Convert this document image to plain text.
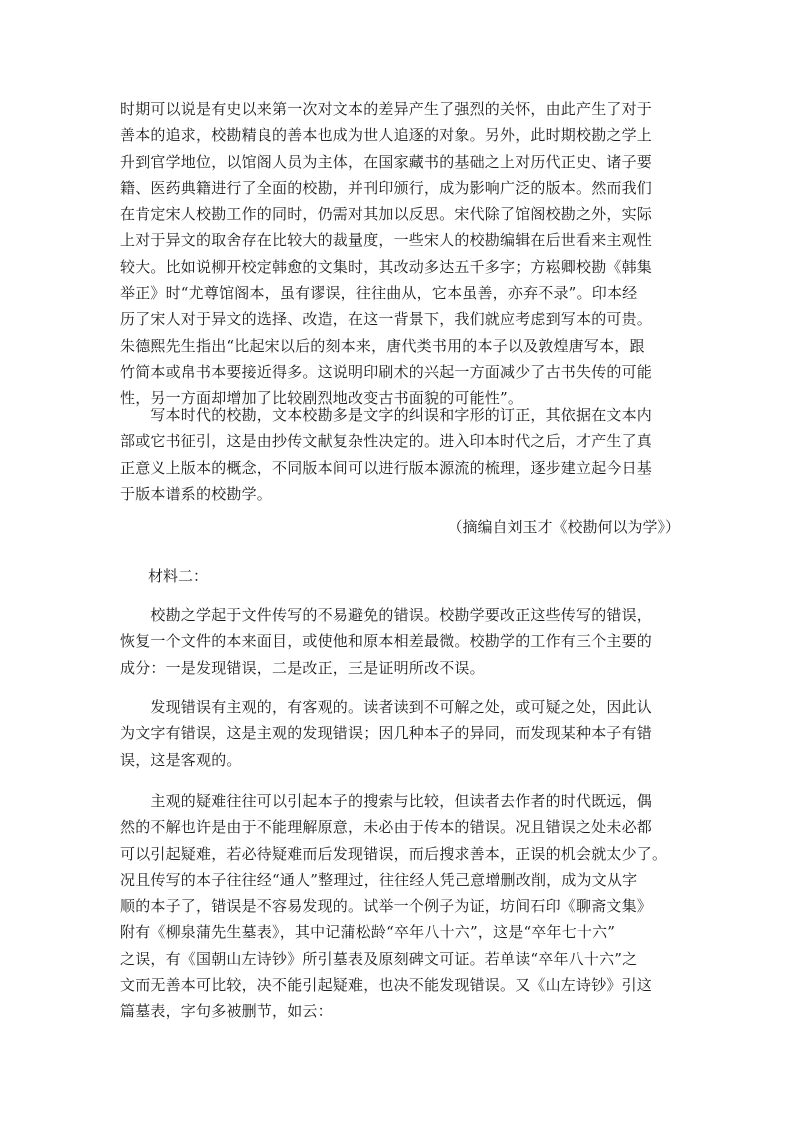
时期可以说是有史以来第一次对文本的差异产生了强烈的关怀，由此产生了对于
善本的追求，校勘精良的善本也成为世人追逐的对象。另外，此时期校勘之学上
升到官学地位，以馆阁人员为主体，在国家藏书的基础之上对历代正史、诸子要
籍、医药典籍进行了全面的校勘，并刊印颁行，成为影响广泛的版本。然而我们
在肯定宋人校勘工作的同时，仍需对其加以反思。宋代除了馆阁校勘之外，实际
上对于异文的取舍存在比较大的裁量度，一些宋人的校勘编辑在后世看来主观性
较大。比如说柳开校定韩愈的文集时，其改动多达五千多字；方崧卿校勘《韩集
举正》时“尤尊馆阁本，虽有谬误，往往曲从，它本虽善，亦弃不录”。印本经
历了宋人对于异文的选择、改造，在这一背景下，我们就应考虑到写本的可贵。
朱德熙先生指出“比起宋以后的刻本来，唐代类书用的本子以及敦煌唐写本，跟
竹简本或帛书本要接近得多。这说明印刷术的兴起一方面减少了古书失传的可能
性，另一方面却增加了比较剧烈地改变古书面貌的可能性”。
　　写本时代的校勘，文本校勘多是文字的纠误和字形的订正，其依据在文本内
部或它书征引，这是由抄传文献复杂性决定的。进入印本时代之后，才产生了真
正意义上版本的概念，不同版本间可以进行版本源流的梳理，逐步建立起今日基
于版本谱系的校勘学。
（摘编自刘玉才《校勘何以为学》）
材料二：
　　校勘之学起于文件传写的不易避免的错误。校勘学要改正这些传写的错误，
恢复一个文件的本来面目，或使他和原本相差最微。校勘学的工作有三个主要的
成分：一是发现错误，二是改正，三是证明所改不误。
　　发现错误有主观的，有客观的。读者读到不可解之处，或可疑之处，因此认
为文字有错误，这是主观的发现错误；因几种本子的异同，而发现某种本子有错
误，这是客观的。
　　主观的疑难往往可以引起本子的搜索与比较，但读者去作者的时代既远，偶
然的不解也许是由于不能理解原意，未必由于传本的错误。况且错误之处未必都
可以引起疑难，若必待疑难而后发现错误，而后搜求善本，正误的机会就太少了。
况且传写的本子往往经“通人”整理过，往往经人凭己意增删改削，成为文从字
顺的本子了，错误是不容易发现的。试举一个例子为证，坊间石印《聊斋文集》
附有《柳泉蒲先生墓表》，其中记蒲松龄“卒年八十六”，这是“卒年七十六”
之误，有《国朝山左诗钞》所引墓表及原刻碑文可证。若单读“卒年八十六”之
文而无善本可比较，决不能引起疑难，也决不能发现错误。又《山左诗钞》引这
篇墓表，字句多被删节，如云：
